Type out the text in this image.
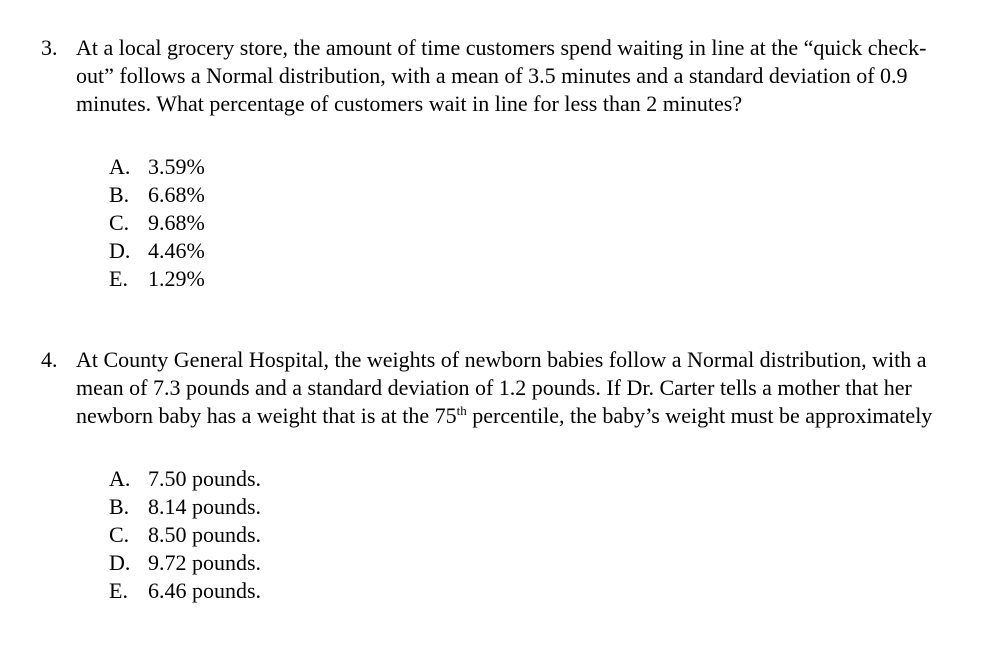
3. At a local grocery store, the amount of time customers spend waiting in line at the “quick check-out” follows a Normal distribution, with a mean of 3.5 minutes and a standard deviation of 0.9 minutes. What percentage of customers wait in line for less than 2 minutes?
A. 3.59%
B. 6.68%
C. 9.68%
D. 4.46%
E. 1.29%
4. At County General Hospital, the weights of newborn babies follow a Normal distribution, with a mean of 7.3 pounds and a standard deviation of 1.2 pounds. If Dr. Carter tells a mother that her newborn baby has a weight that is at the 75th percentile, the baby’s weight must be approximately
A. 7.50 pounds.
B. 8.14 pounds.
C. 8.50 pounds.
D. 9.72 pounds.
E. 6.46 pounds.
